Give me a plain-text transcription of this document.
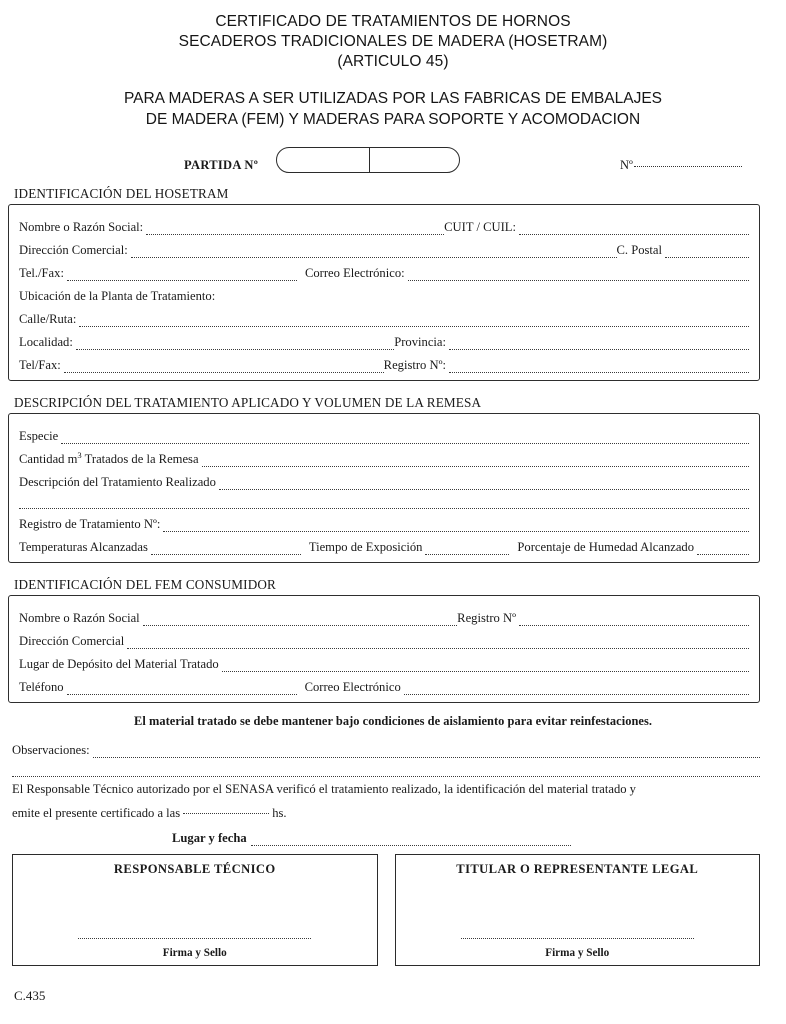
CERTIFICADO DE TRATAMIENTOS DE HORNOS
SECADEROS TRADICIONALES DE MADERA (HOSETRAM)
(ARTICULO 45)
PARA MADERAS A SER UTILIZADAS POR LAS FABRICAS DE EMBALAJES
DE MADERA (FEM) Y MADERAS PARA SOPORTE Y ACOMODACION
PARTIDA Nº	Nº
IDENTIFICACIÓN DEL HOSETRAM
Nombre o Razón Social:	CUIT / CUIL:
Dirección Comercial:	C. Postal
Tel./Fax:	Correo Electrónico:
Ubicación de la Planta de Tratamiento:
Calle/Ruta:
Localidad:	Provincia:
Tel/Fax:	Registro Nº:
DESCRIPCIÓN DEL TRATAMIENTO APLICADO Y VOLUMEN DE LA REMESA
Especie
Cantidad $m^3$ Tratados de la Remesa
Descripción del Tratamiento Realizado
Registro de Tratamiento Nº:
Temperaturas Alcanzadas	Tiempo de Exposición	Porcentaje de Humedad Alcanzado
IDENTIFICACIÓN DEL FEM CONSUMIDOR
Nombre o Razón Social	Registro Nº
Dirección Comercial
Lugar de Depósito del Material Tratado
Teléfono	Correo Electrónico
El material tratado se debe mantener bajo condiciones de aislamiento para evitar reinfestaciones.
Observaciones:
El Responsable Técnico autorizado por el SENASA verificó el tratamiento realizado, la identificación del material tratado y
emite el presente certificado a las	hs.
Lugar y fecha
RESPONSABLE TÉCNICO
Firma y Sello
TITULAR O REPRESENTANTE LEGAL
Firma y Sello
C.435
